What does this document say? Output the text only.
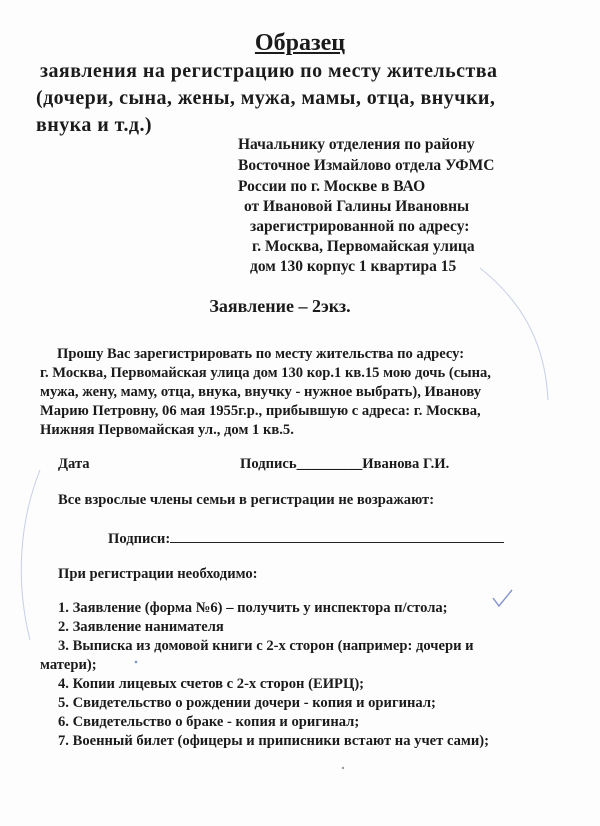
Образец
заявления на регистрацию по месту жительства
(дочери, сына, жены, мужа, мамы, отца, внучки,
внука и т.д.)
Начальнику отделения по району
Восточное Измайлово отдела УФМС
России по г. Москве в ВАО
от Ивановой Галины Ивановны
зарегистрированной по адресу:
г. Москва, Первомайская улица
дом 130 корпус 1 квартира 15
Заявление – 2экз.
Прошу Вас зарегистрировать по месту жительства по адресу:
г. Москва, Первомайская улица дом 130 кор.1 кв.15 мою дочь (сына,
мужа, жену, маму, отца, внука, внучку - нужное выбрать), Иванову
Марию Петровну, 06 мая 1955г.р., прибывшую с адреса: г. Москва,
Нижняя Первомайская ул., дом 1 кв.5.
Дата	Подпись_________Иванова Г.И.
Все взрослые члены семьи в регистрации не возражают:
Подписи:
При регистрации необходимо:
1. Заявление (форма №6) – получить у инспектора п/стола;
2. Заявление нанимателя
3. Выписка из домовой книги с 2-х сторон (например: дочери и
матери);
4. Копии лицевых счетов с 2-х сторон (ЕИРЦ);
5. Свидетельство о рождении дочери - копия и оригинал;
6. Свидетельство о браке - копия и оригинал;
7. Военный билет (офицеры и приписники встают на учет сами);
